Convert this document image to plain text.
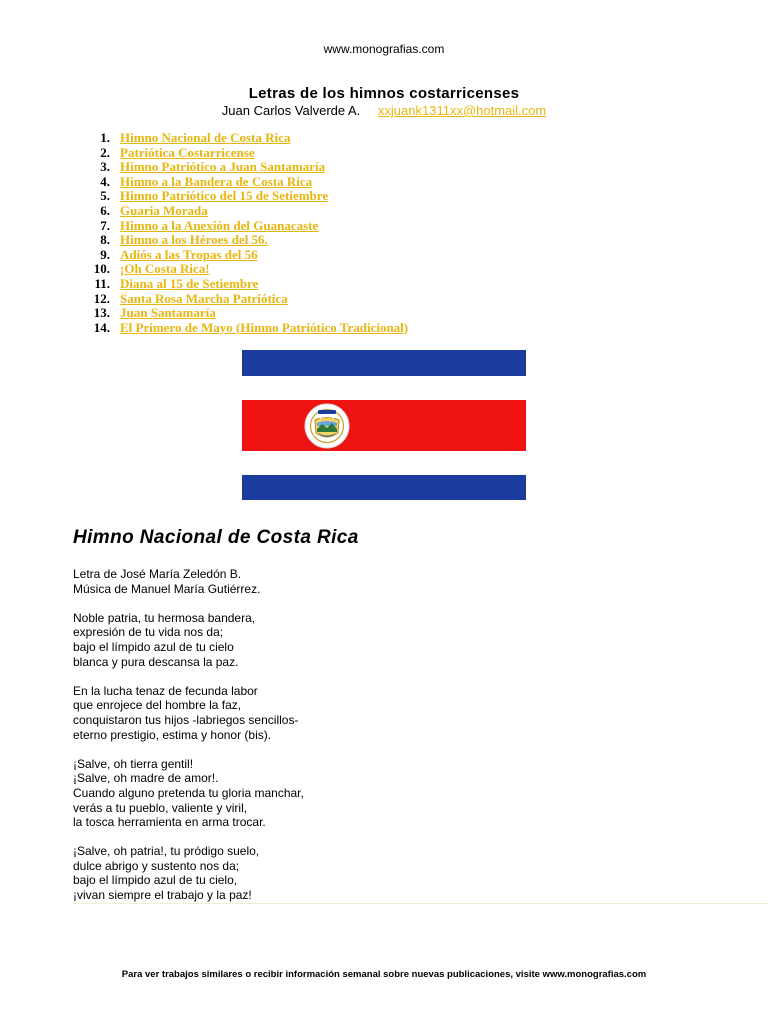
www.monografias.com
Letras de los himnos costarricenses
Juan Carlos Valverde A. xxjuank1311xx@hotmail.com
1. Himno Nacional de Costa Rica
2. Patriótica Costarricense
3. Himno Patriótico a Juan Santamaría
4. Himno a la Bandera de Costa Rica
5. Himno Patriótico del 15 de Setiembre
6. Guaria Morada
7. Himno a la Anexión del Guanacaste
8. Himno a los Héroes del 56.
9. Adiós a las Tropas del 56
10. ¡Oh Costa Rica!
11. Diana al 15 de Setiembre
12. Santa Rosa Marcha Patriótica
13. Juan Santamaría
14. El Primero de Mayo (Himno Patriótico Tradicional)
Himno Nacional de Costa Rica
Letra de José María Zeledón B.
Música de Manuel María Gutiérrez.
Noble patria, tu hermosa bandera,
expresión de tu vida nos da;
bajo el límpido azul de tu cielo
blanca y pura descansa la paz.
En la lucha tenaz de fecunda labor
que enrojece del hombre la faz,
conquistaron tus hijos -labriegos sencillos-
eterno prestigio, estima y honor (bis).
¡Salve, oh tierra gentil!
¡Salve, oh madre de amor!.
Cuando alguno pretenda tu gloria manchar,
verás a tu pueblo, valiente y viril,
la tosca herramienta en arma trocar.
¡Salve, oh patria!, tu pródigo suelo,
dulce abrigo y sustento nos da;
bajo el límpido azul de tu cielo,
¡vivan siempre el trabajo y la paz!
Para ver trabajos similares o recibir información semanal sobre nuevas publicaciones, visite www.monografias.com
